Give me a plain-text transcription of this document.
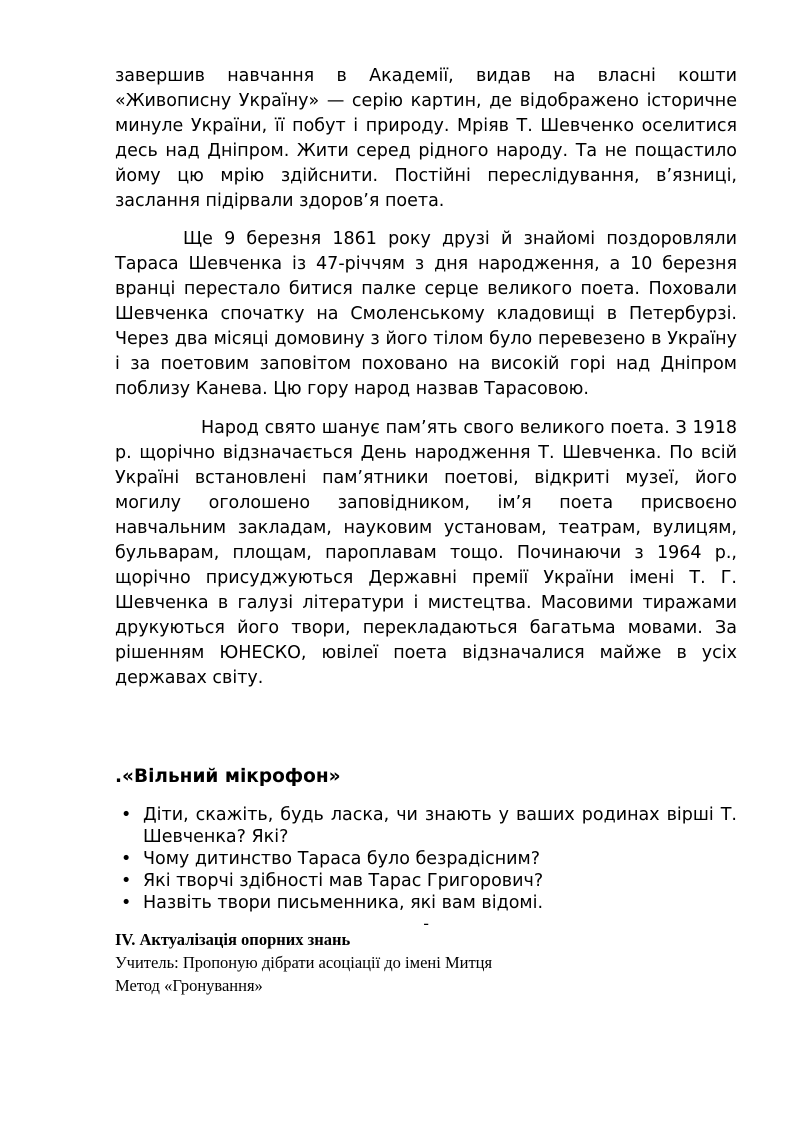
завершив навчання в Академії, видав на власні кошти «Живописну Україну» — серію картин, де відображено історичне минуле України, її побут і природу. Мріяв Т. Шевченко оселитися десь над Дніпром. Жити серед рідного народу. Та не пощастило йому цю мрію здійснити. Постійні переслідування, в’язниці, заслання підірвали здоров’я поета.

Ще 9 березня 1861 року друзі й знайомі поздоровляли Тараса Шевченка із 47-річчям з дня народження, а 10 березня вранці перестало битися палке серце великого поета. Поховали Шевченка спочатку на Смоленському кладовищі в Петербурзі. Через два місяці домовину з його тілом було перевезено в Україну і за поетовим заповітом поховано на високій горі над Дніпром поблизу Канева. Цю гору народ назвав Тарасовою.

Народ свято шанує пам’ять свого великого поета. З 1918 р. щорічно відзначається День народження Т. Шевченка. По всій Україні встановлені пам’ятники поетові, відкриті музеї, його могилу оголошено заповідником, ім’я поета присвоєно навчальним закладам, науковим установам, театрам, вулицям, бульварам, площам, пароплавам тощо. Починаючи з 1964 р., щорічно присуджуються Державні премії України імені Т. Г. Шевченка в галузі літератури і мистецтва. Масовими тиражами друкуються його твори, перекладаються багатьма мовами. За рішенням ЮНЕСКО, ювілеї поета відзначалися майже в усіх державах світу.

.«Вільний мікрофон»
• Діти, скажіть, будь ласка, чи знають у ваших родинах вірші Т. Шевченка? Які?
• Чому дитинство Тараса було безрадісним?
• Які творчі здібності мав Тарас Григорович?
• Назвіть твори письменника, які вам відомі.
-

IV. Актуалізація опорних знань

Учитель: Пропоную дібрати асоціації до імені Митця

Метод «Гронування»
